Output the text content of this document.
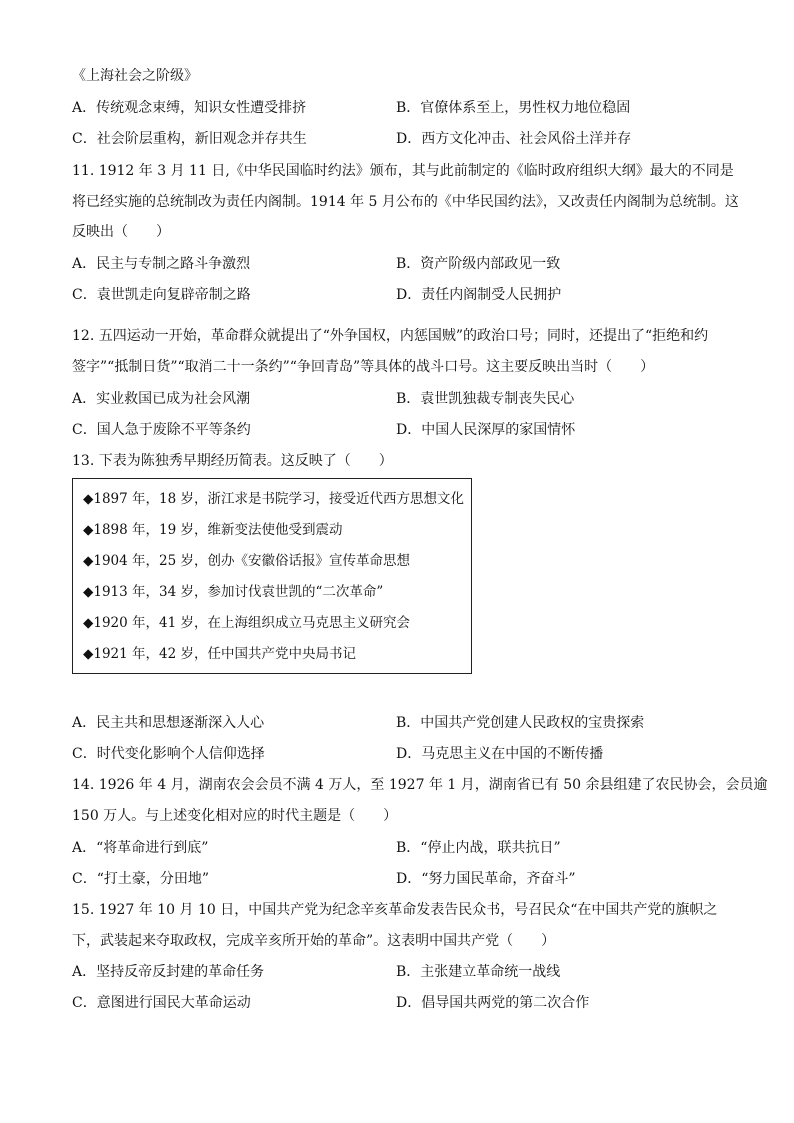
《上海社会之阶级》
A．传统观念束缚，知识女性遭受排挤	B．官僚体系至上，男性权力地位稳固
C．社会阶层重构，新旧观念并存共生	D．西方文化冲击、社会风俗土洋并存
11. 1912 年 3 月 11 日,《中华民国临时约法》颁布，其与此前制定的《临时政府组织大纲》最大的不同是
将已经实施的总统制改为责任内阁制。1914 年 5 月公布的《中华民国约法》，又改责任内阁制为总统制。这
反映出（　　）
A．民主与专制之路斗争激烈	B．资产阶级内部政见一致
C．袁世凯走向复辟帝制之路	D．责任内阁制受人民拥护
12. 五四运动一开始，革命群众就提出了“外争国权，内惩国贼”的政治口号；同时，还提出了“拒绝和约
签字”“抵制日货”“取消二十一条约”“争回青岛”等具体的战斗口号。这主要反映出当时（　　）
A．实业救国已成为社会风潮	B．袁世凯独裁专制丧失民心
C．国人急于废除不平等条约	D．中国人民深厚的家国情怀
13. 下表为陈独秀早期经历简表。这反映了（　　）
◆1897 年，18 岁，浙江求是书院学习，接受近代西方思想文化
◆1898 年，19 岁，维新变法使他受到震动
◆1904 年，25 岁，创办《安徽俗话报》宣传革命思想
◆1913 年，34 岁，参加讨伐袁世凯的“二次革命”
◆1920 年，41 岁，在上海组织成立马克思主义研究会
◆1921 年，42 岁，任中国共产党中央局书记
A．民主共和思想逐渐深入人心	B．中国共产党创建人民政权的宝贵探索
C．时代变化影响个人信仰选择	D．马克思主义在中国的不断传播
14. 1926 年 4 月，湖南农会会员不满 4 万人，至 1927 年 1 月，湖南省已有 50 余县组建了农民协会，会员逾
150 万人。与上述变化相对应的时代主题是（　　）
A．“将革命进行到底”	B．“停止内战，联共抗日”
C．“打土豪，分田地”	D．“努力国民革命，齐奋斗”
15. 1927 年 10 月 10 日，中国共产党为纪念辛亥革命发表告民众书，号召民众“在中国共产党的旗帜之
下，武装起来夺取政权，完成辛亥所开始的革命”。这表明中国共产党（　　）
A．坚持反帝反封建的革命任务	B．主张建立革命统一战线
C．意图进行国民大革命运动	D．倡导国共两党的第二次合作
